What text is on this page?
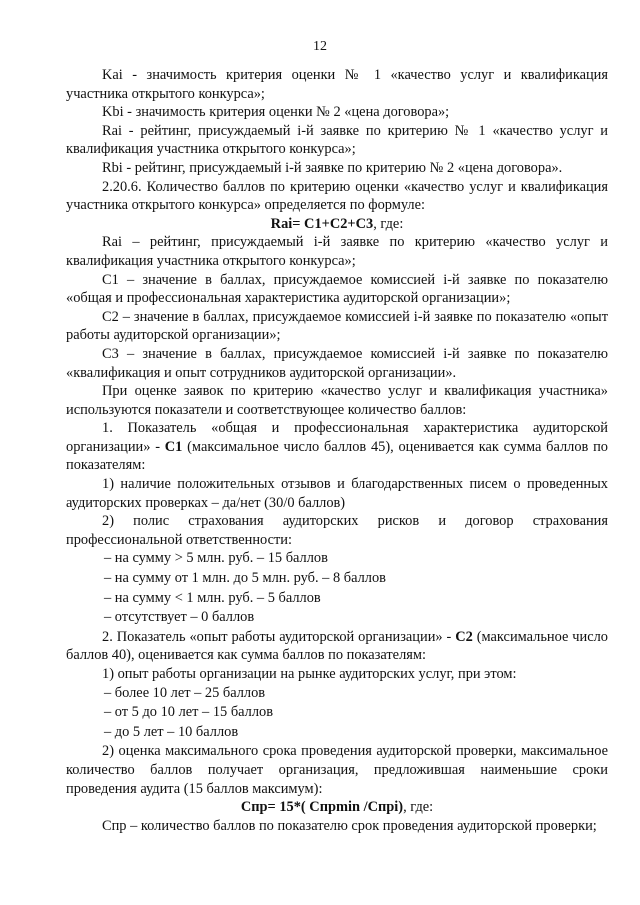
12

Kai - значимость критерия оценки № 1 «качество услуг и квалификация участника открытого конкурса»;

Kbi - значимость критерия оценки № 2 «цена договора»;

Rai - рейтинг, присуждаемый i-й заявке по критерию № 1 «качество услуг и квалификация участника открытого конкурса»;

Rbi - рейтинг, присуждаемый i-й заявке по критерию № 2 «цена договора».

2.20.6. Количество баллов по критерию оценки «качество услуг и квалификация участника открытого конкурса» определяется по формуле:

Rai= C1+C2+C3, где:

Rai – рейтинг, присуждаемый i-й заявке по критерию «качество услуг и квалификация участника открытого конкурса»;

С1 – значение в баллах, присуждаемое комиссией i-й заявке по показателю «общая и профессиональная характеристика аудиторской организации»;

С2 – значение в баллах, присуждаемое комиссией i-й заявке по показателю «опыт работы аудиторской организации»;

С3 – значение в баллах, присуждаемое комиссией i-й заявке по показателю «квалификация и опыт сотрудников аудиторской организации».

При оценке заявок по критерию «качество услуг и квалификация участника» используются показатели и соответствующее количество баллов:

1. Показатель «общая и профессиональная характеристика аудиторской организации» - С1 (максимальное число баллов 45), оценивается как сумма баллов по показателям:

1) наличие положительных отзывов и благодарственных писем о проведенных аудиторских проверках – да/нет (30/0 баллов)

2) полис страхования аудиторских рисков и договор страхования профессиональной ответственности:

– на сумму > 5 млн. руб. – 15 баллов

– на сумму от 1 млн. до 5 млн. руб. – 8 баллов

– на сумму < 1 млн. руб. – 5 баллов

– отсутствует – 0 баллов

2. Показатель «опыт работы аудиторской организации» - С2 (максимальное число баллов 40), оценивается как сумма баллов по показателям:

1) опыт работы организации на рынке аудиторских услуг, при этом:

– более 10 лет – 25 баллов

– от 5 до 10 лет – 15 баллов

– до 5 лет – 10 баллов

2) оценка максимального срока проведения аудиторской проверки, максимальное количество баллов получает организация, предложившая наименьшие сроки проведения аудита (15 баллов максимум):

Cпр= 15*( Cпрmin /Cпрi), где:

Cпр – количество баллов по показателю срок проведения аудиторской проверки;
